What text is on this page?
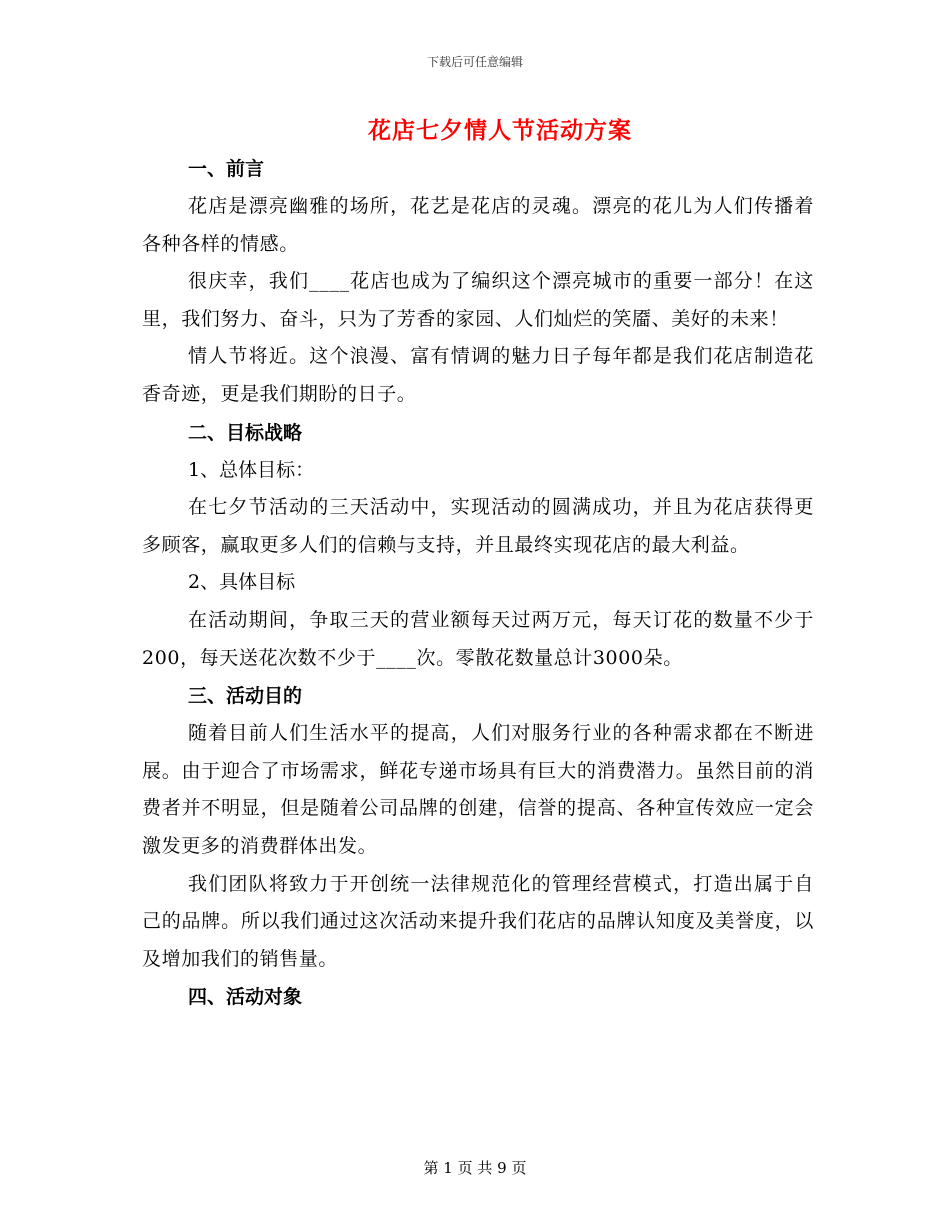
下载后可任意编辑
花店七夕情人节活动方案
一、前言

花店是漂亮幽雅的场所，花艺是花店的灵魂。漂亮的花儿为人们传播着各种各样的情感。

很庆幸，我们____花店也成为了编织这个漂亮城市的重要一部分！在这里，我们努力、奋斗，只为了芳香的家园、人们灿烂的笑靥、美好的未来！

情人节将近。这个浪漫、富有情调的魅力日子每年都是我们花店制造花香奇迹，更是我们期盼的日子。

二、目标战略

1、总体目标：

在七夕节活动的三天活动中，实现活动的圆满成功，并且为花店获得更多顾客，赢取更多人们的信赖与支持，并且最终实现花店的最大利益。

2、具体目标

在活动期间，争取三天的营业额每天过两万元，每天订花的数量不少于200，每天送花次数不少于____次。零散花数量总计3000朵。

三、活动目的

随着目前人们生活水平的提高，人们对服务行业的各种需求都在不断进展。由于迎合了市场需求，鲜花专递市场具有巨大的消费潜力。虽然目前的消费者并不明显，但是随着公司品牌的创建，信誉的提高、各种宣传效应一定会激发更多的消费群体出发。

我们团队将致力于开创统一法律规范化的管理经营模式，打造出属于自己的品牌。所以我们通过这次活动来提升我们花店的品牌认知度及美誉度，以及增加我们的销售量。

四、活动对象
第 1 页 共 9 页
